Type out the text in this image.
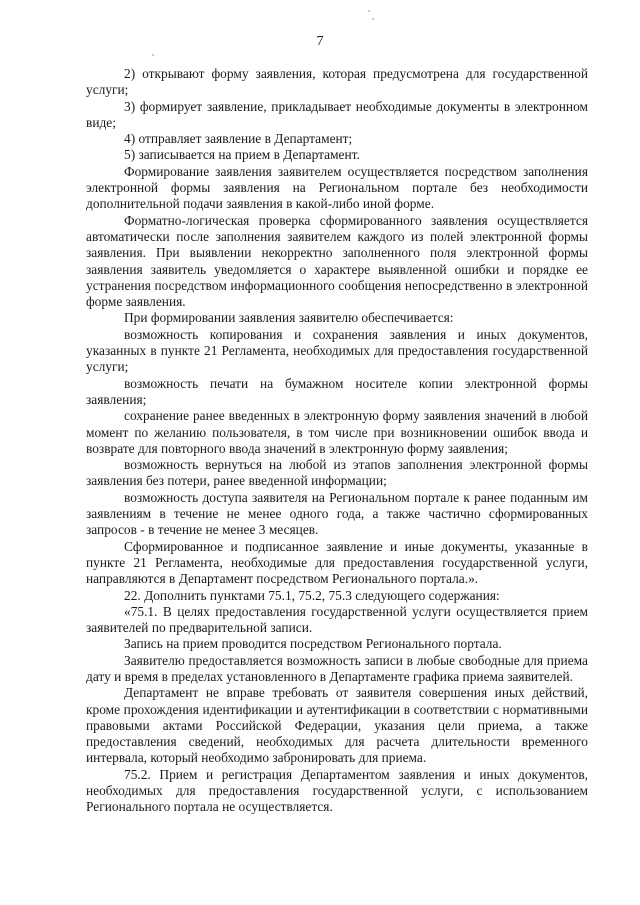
7

2) открывают форму заявления, которая предусмотрена для государственной услуги;

3) формирует заявление, прикладывает необходимые документы в электронном виде;

4) отправляет заявление в Департамент;

5) записывается на прием в Департамент.

Формирование заявления заявителем осуществляется посредством заполнения электронной формы заявления на Региональном портале без необходимости дополнительной подачи заявления в какой-либо иной форме.

Форматно-логическая проверка сформированного заявления осуществляется автоматически после заполнения заявителем каждого из полей электронной формы заявления. При выявлении некорректно заполненного поля электронной формы заявления заявитель уведомляется о характере выявленной ошибки и порядке ее устранения посредством информационного сообщения непосредственно в электронной форме заявления.

При формировании заявления заявителю обеспечивается:

возможность копирования и сохранения заявления и иных документов, указанных в пункте 21 Регламента, необходимых для предоставления государственной услуги;

возможность печати на бумажном носителе копии электронной формы заявления;

сохранение ранее введенных в электронную форму заявления значений в любой момент по желанию пользователя, в том числе при возникновении ошибок ввода и возврате для повторного ввода значений в электронную форму заявления;

возможность вернуться на любой из этапов заполнения электронной формы заявления без потери, ранее введенной информации;

возможность доступа заявителя на Региональном портале к ранее поданным им заявлениям в течение не менее одного года, а также частично сформированных запросов - в течение не менее 3 месяцев.

Сформированное и подписанное заявление и иные документы, указанные в пункте 21 Регламента, необходимые для предоставления государственной услуги, направляются в Департамент посредством Регионального портала.».

22. Дополнить пунктами 75.1, 75.2, 75.3 следующего содержания:

«75.1. В целях предоставления государственной услуги осуществляется прием заявителей по предварительной записи.

Запись на прием проводится посредством Регионального портала.

Заявителю предоставляется возможность записи в любые свободные для приема дату и время в пределах установленного в Департаменте графика приема заявителей.

Департамент не вправе требовать от заявителя совершения иных действий, кроме прохождения идентификации и аутентификации в соответствии с нормативными правовыми актами Российской Федерации, указания цели приема, а также предоставления сведений, необходимых для расчета длительности временного интервала, который необходимо забронировать для приема.

75.2. Прием и регистрация Департаментом заявления и иных документов, необходимых для предоставления государственной услуги, с использованием Регионального портала не осуществляется.
